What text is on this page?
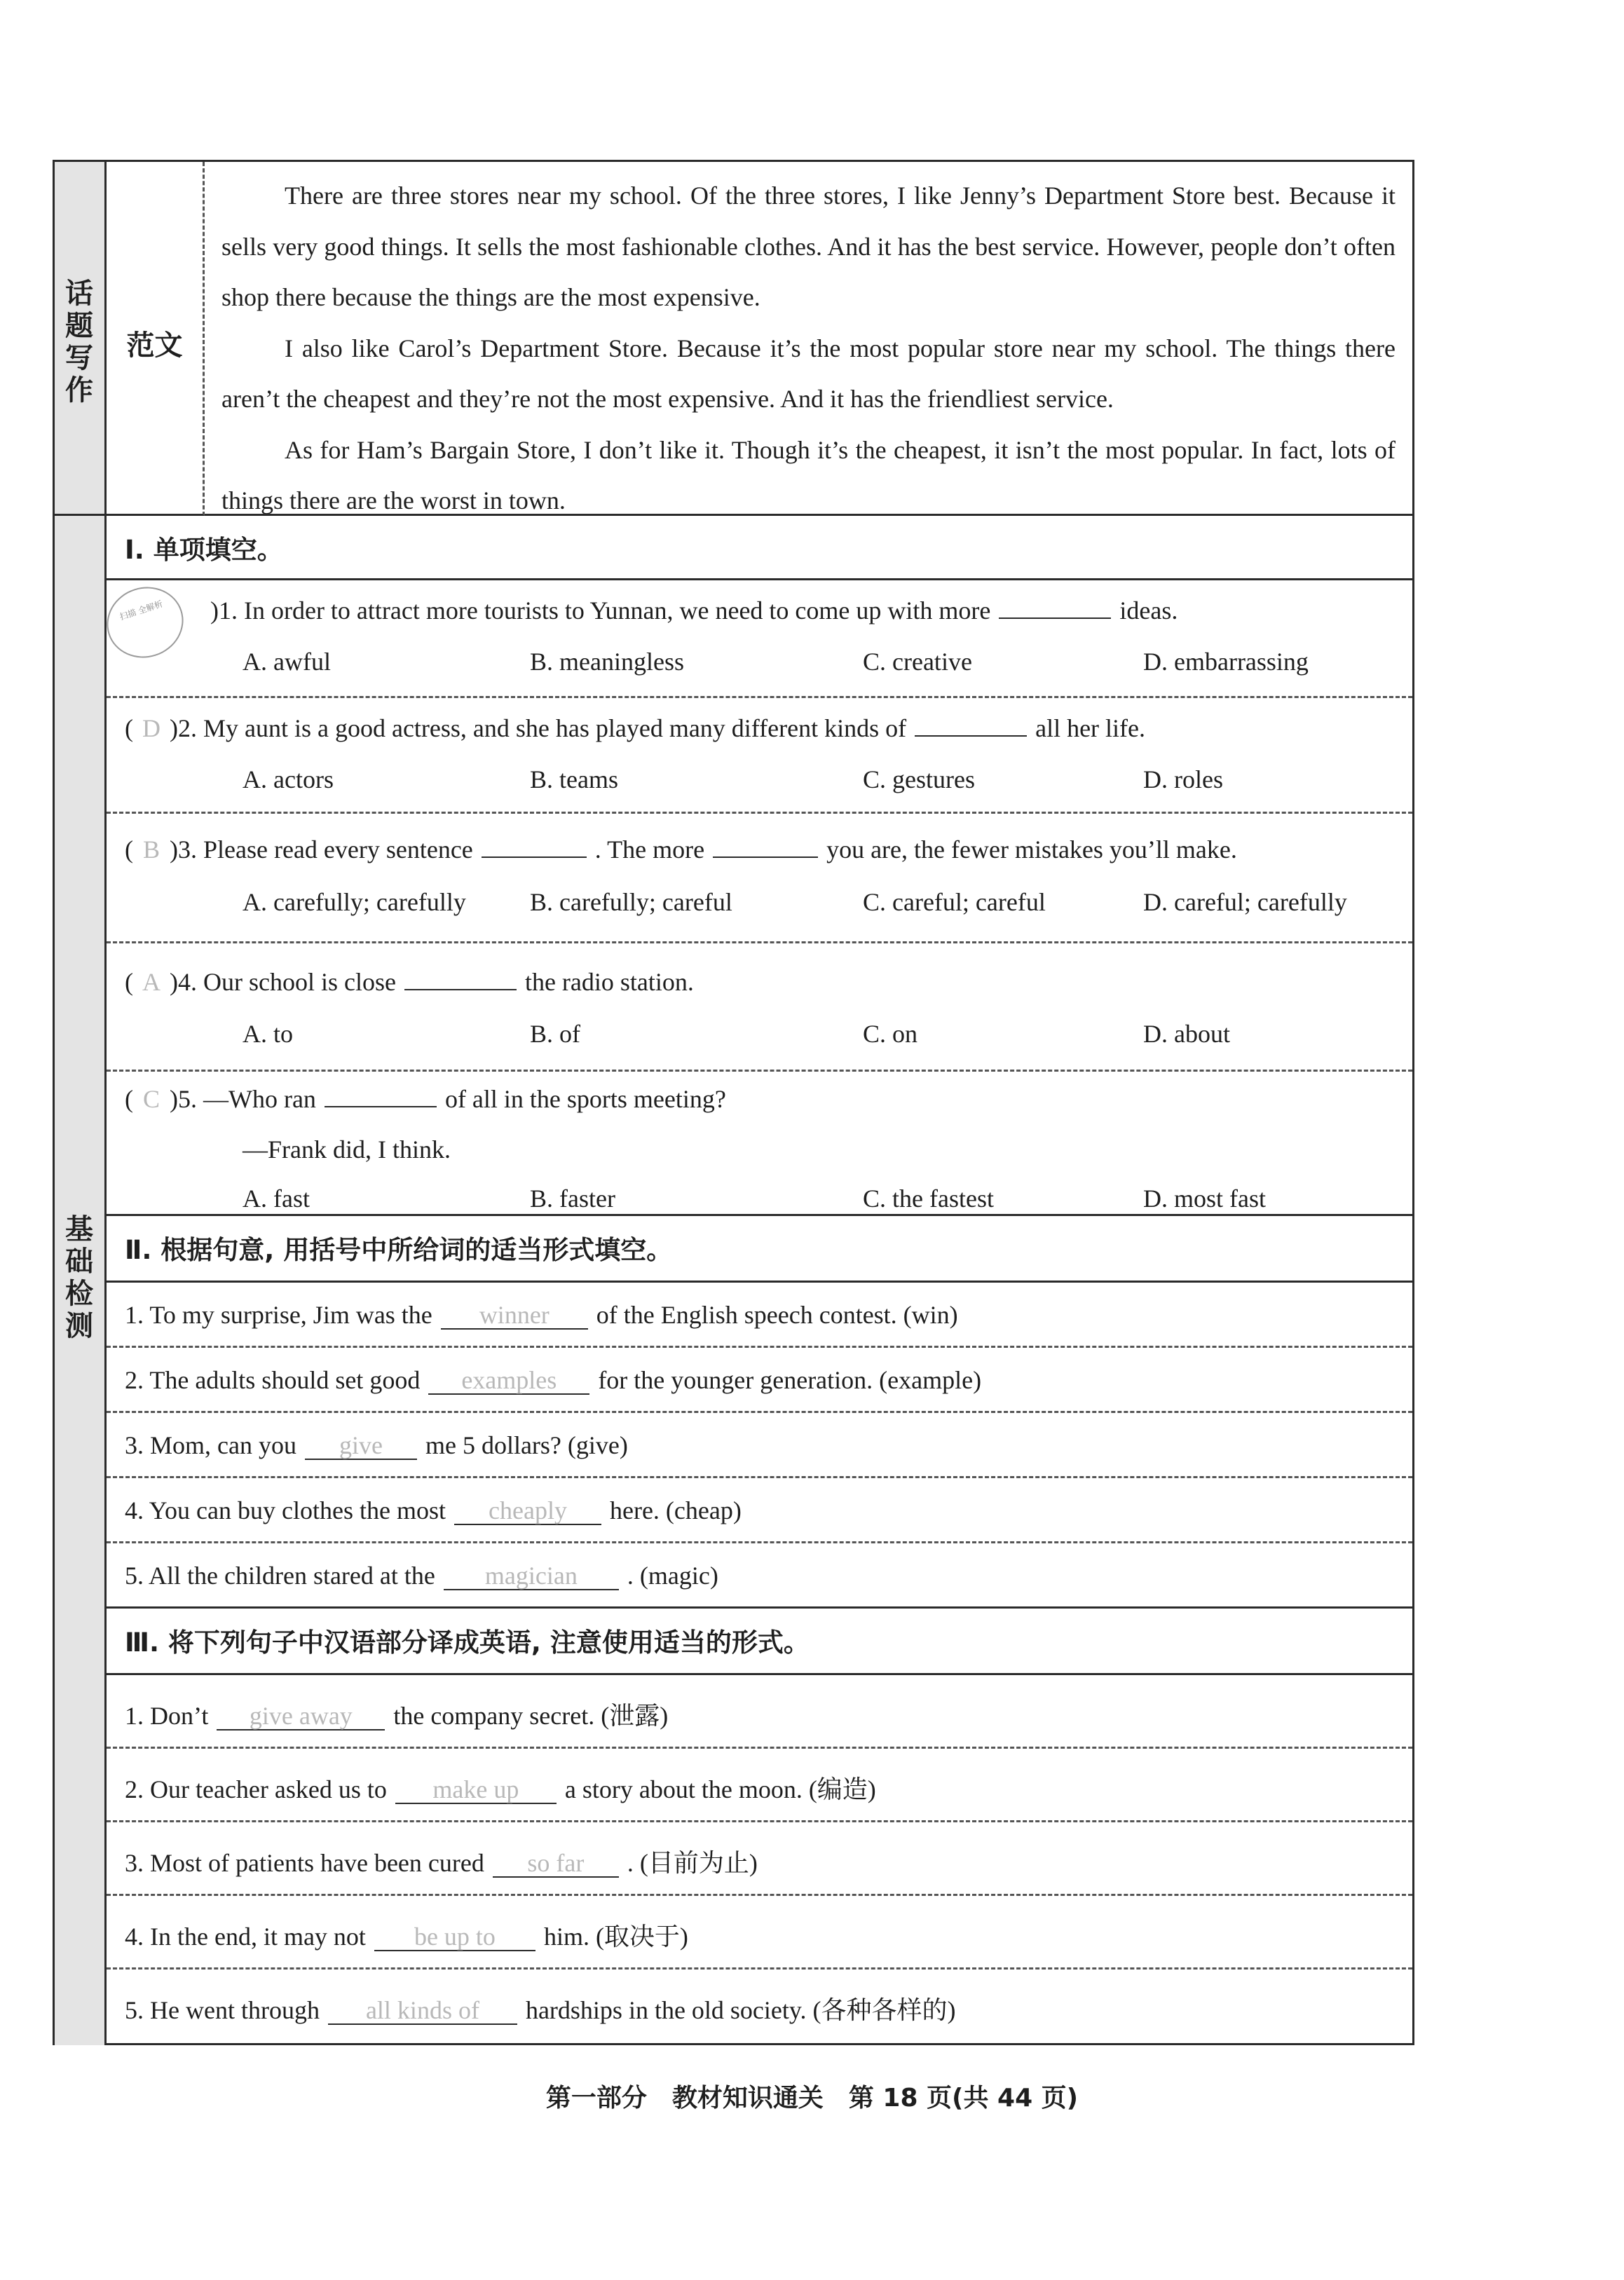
话
题
写
作
基
础
检
测
范文

There are three stores near my school. Of the three stores, I like Jenny’s Department Store best. Because it sells very good things. It sells the most fashionable clothes. And it has the best service. However, people don’t often shop there because the things are the most expensive.

I also like Carol’s Department Store. Because it’s the most popular store near my school. The things there aren’t the cheapest and they’re not the most expensive. And it has the friendliest service.

As for Ham’s Bargain Store, I don’t like it. Though it’s the cheapest, it isn’t the most popular. In fact, lots of things there are the worst in town.

Ⅰ. 单项填空。
扫描 全解析	)1. In order to attract more tourists to Yunnan, we need to come up with more	ideas.
A. awful	B. meaningless	C. creative	D. embarrassing
( D )2. My aunt is a good actress, and she has played many different kinds of	all her life.
A. actors	B. teams	C. gestures	D. roles
( B )3. Please read every sentence	. The more	you are, the fewer mistakes you’ll make.
A. carefully; carefully	B. carefully; careful	C. careful; careful	D. careful; carefully
( A )4. Our school is close	the radio station.
A. to	B. of	C. on	D. about
( C )5. —Who ran	of all in the sports meeting?
—Frank did, I think.
A. fast	B. faster	C. the fastest	D. most fast
Ⅱ. 根据句意, 用括号中所给词的适当形式填空。
1. To my surprise, Jim was the winner of the English speech contest. (win)
2. The adults should set good examples for the younger generation. (example)
3. Mom, can you give me 5 dollars? (give)
4. You can buy clothes the most cheaply here. (cheap)
5. All the children stared at the magician . (magic)
Ⅲ. 将下列句子中汉语部分译成英语, 注意使用适当的形式。
1. Don’t give away the company secret. (泄露)
2. Our teacher asked us to make up a story about the moon. (编造)
3. Most of patients have been cured so far . (目前为止)
4. In the end, it may not be up to him. (取决于)
5. He went through all kinds of hardships in the old society. (各种各样的)
第一部分　教材知识通关　第 18 页(共 44 页)
